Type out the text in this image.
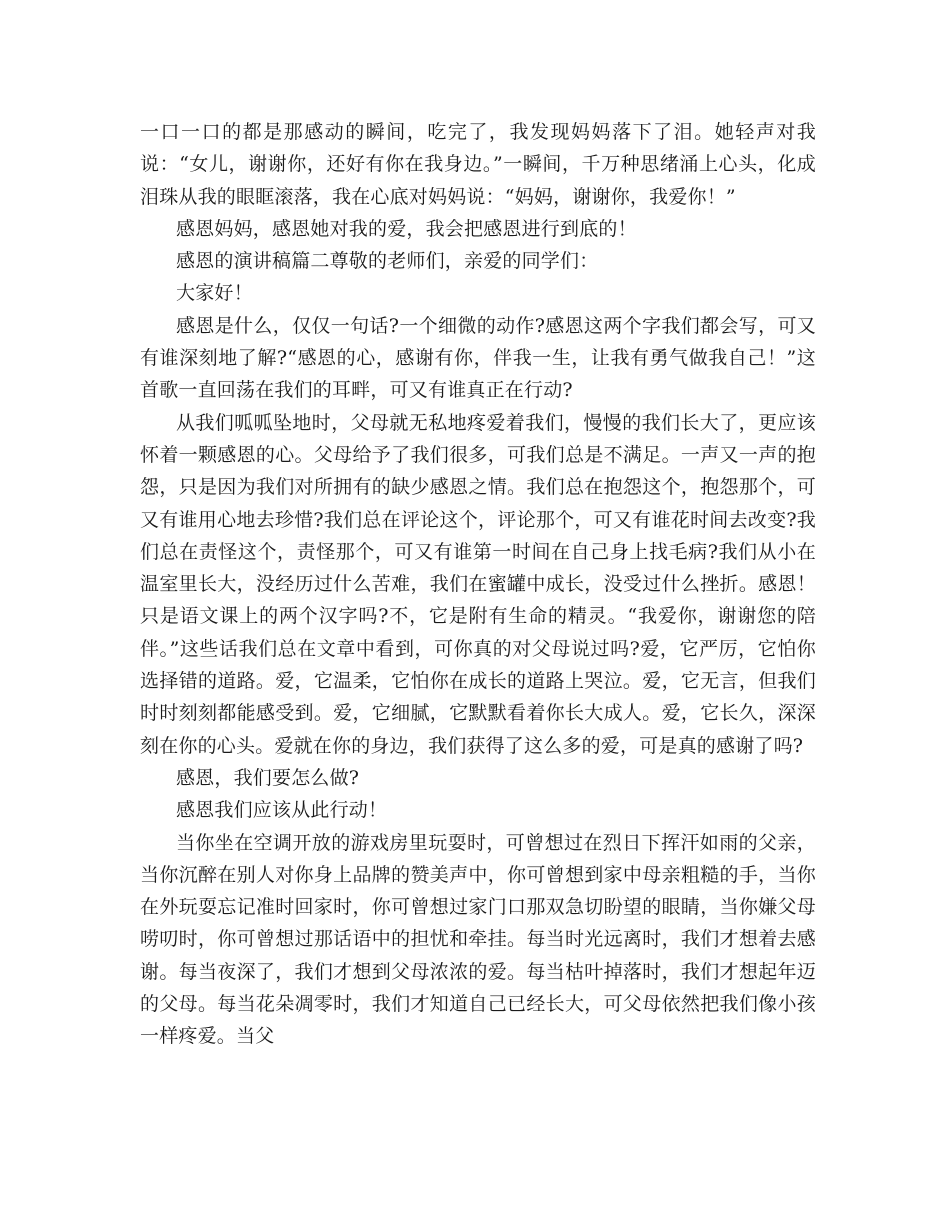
一口一口的都是那感动的瞬间，吃完了，我发现妈妈落下了泪。她轻声对我说：“女儿，谢谢你，还好有你在我身边。”一瞬间，千万种思绪涌上心头，化成泪珠从我的眼眶滚落，我在心底对妈妈说：“妈妈，谢谢你，我爱你！”

感恩妈妈，感恩她对我的爱，我会把感恩进行到底的！

感恩的演讲稿篇二尊敬的老师们，亲爱的同学们：

大家好！

感恩是什么，仅仅一句话?一个细微的动作?感恩这两个字我们都会写，可又有谁深刻地了解?“感恩的心，感谢有你，伴我一生，让我有勇气做我自己！”这首歌一直回荡在我们的耳畔，可又有谁真正在行动?

从我们呱呱坠地时，父母就无私地疼爱着我们，慢慢的我们长大了，更应该怀着一颗感恩的心。父母给予了我们很多，可我们总是不满足。一声又一声的抱怨，只是因为我们对所拥有的缺少感恩之情。我们总在抱怨这个，抱怨那个，可又有谁用心地去珍惜?我们总在评论这个，评论那个，可又有谁花时间去改变?我们总在责怪这个，责怪那个，可又有谁第一时间在自己身上找毛病?我们从小在温室里长大，没经历过什么苦难，我们在蜜罐中成长，没受过什么挫折。感恩！只是语文课上的两个汉字吗?不，它是附有生命的精灵。“我爱你，谢谢您的陪伴。”这些话我们总在文章中看到，可你真的对父母说过吗?爱，它严厉，它怕你选择错的道路。爱，它温柔，它怕你在成长的道路上哭泣。爱，它无言，但我们时时刻刻都能感受到。爱，它细腻，它默默看着你长大成人。爱，它长久，深深刻在你的心头。爱就在你的身边，我们获得了这么多的爱，可是真的感谢了吗?

感恩，我们要怎么做?

感恩我们应该从此行动！

当你坐在空调开放的游戏房里玩耍时，可曾想过在烈日下挥汗如雨的父亲，当你沉醉在别人对你身上品牌的赞美声中，你可曾想到家中母亲粗糙的手，当你在外玩耍忘记准时回家时，你可曾想过家门口那双急切盼望的眼睛，当你嫌父母唠叨时，你可曾想过那话语中的担忧和牵挂。每当时光远离时，我们才想着去感谢。每当夜深了，我们才想到父母浓浓的爱。每当枯叶掉落时，我们才想起年迈的父母。每当花朵凋零时，我们才知道自己已经长大，可父母依然把我们像小孩一样疼爱。当父
